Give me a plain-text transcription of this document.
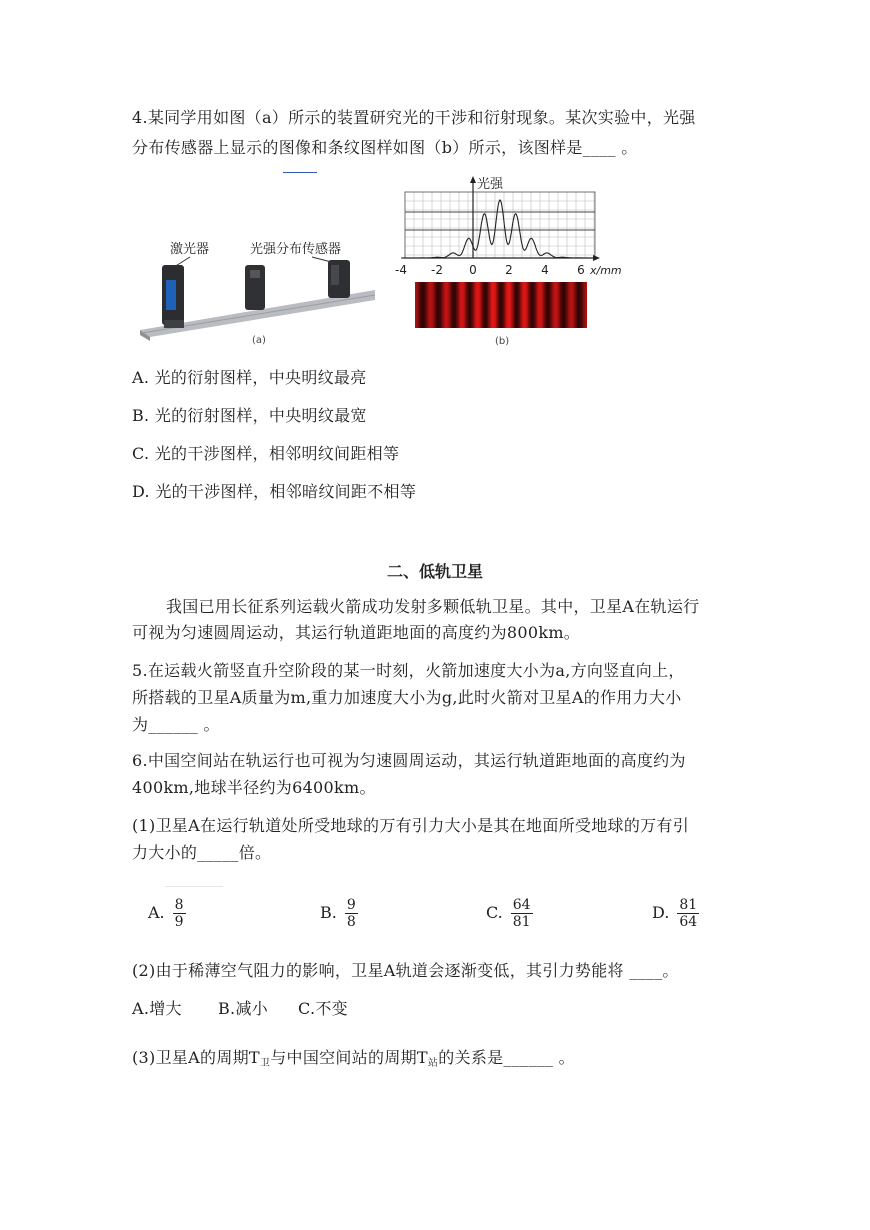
4.某同学用如图（a）所示的装置研究光的干涉和衍射现象。某次实验中，光强
分布传感器上显示的图像和条纹图样如图（b）所示，该图样是____ 。
激光器	光强分布传感器
(a)
光强
x/mm
-4 -2 0 2 4 6
(b)
A. 光的衍射图样，中央明纹最亮
B. 光的衍射图样，中央明纹最宽
C. 光的干涉图样，相邻明纹间距相等
D. 光的干涉图样，相邻暗纹间距不相等
二、低轨卫星
我国已用长征系列运载火箭成功发射多颗低轨卫星。其中，卫星A在轨运行
可视为匀速圆周运动，其运行轨道距地面的高度约为800km。
5.在运载火箭竖直升空阶段的某一时刻，火箭加速度大小为a,方向竖直向上，
所搭载的卫星A质量为m,重力加速度大小为g,此时火箭对卫星A的作用力大小
为______ 。
6.中国空间站在轨运行也可视为匀速圆周运动，其运行轨道距地面的高度约为
400km,地球半径约为6400km。
(1)卫星A在运行轨道处所受地球的万有引力大小是其在地面所受地球的万有引
力大小的_____倍。
A. $\frac{8}{9}$	B. $\frac{9}{8}$	C. $\frac{64}{81}$	D. $\frac{81}{64}$
(2)由于稀薄空气阻力的影响，卫星A轨道会逐渐变低，其引力势能将 ____。
A.增大 B.减小 C.不变
(3)卫星A的周期$T_卫$与中国空间站的周期$T_站$的关系是______ 。
